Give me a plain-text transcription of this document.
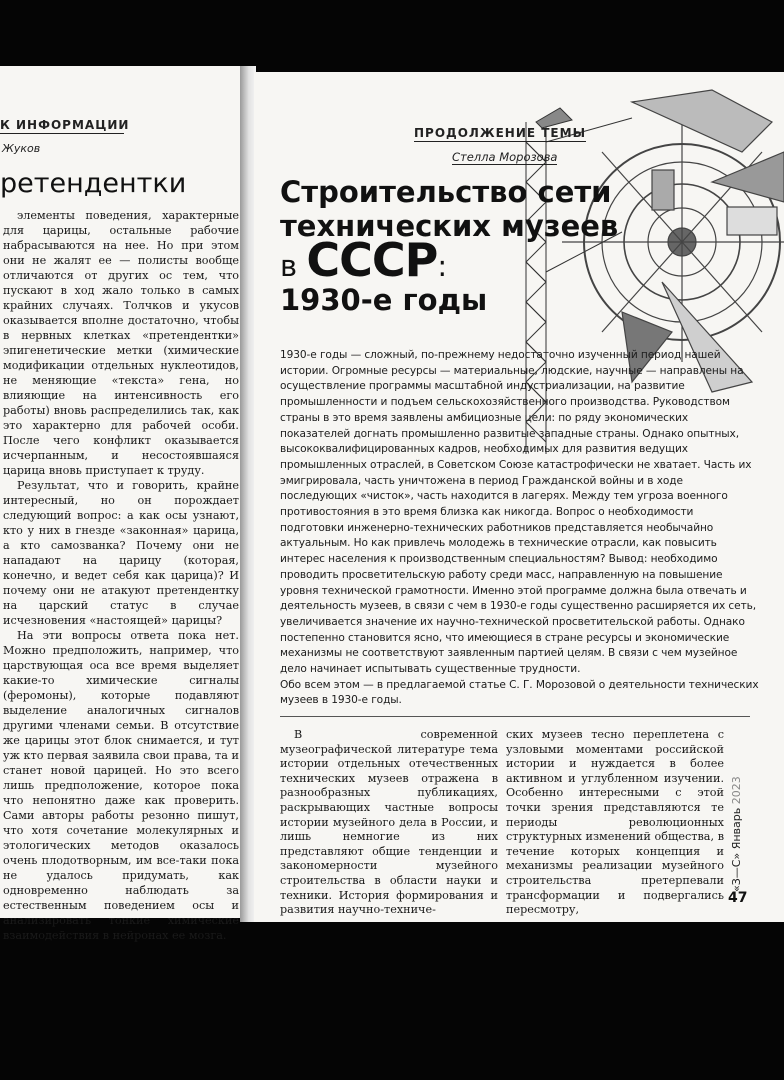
К ИНФОРМАЦИИ
Жуков
ретендентки

элементы поведения, характерные для царицы, остальные рабочие набрасываются на нее. Но при этом они не жалят ее — полисты вообще отличаются от других ос тем, что пускают в ход жало только в самых крайних случаях. Толчков и укусов оказывается вполне достаточно, чтобы в нервных клетках «претендентки» эпигенетические метки (химические модификации отдельных нуклеотидов, не меняющие «текста» гена, но влияющие на интенсивность его работы) вновь распределились так, как это характерно для рабочей особи. После чего конфликт оказывается исчерпанным, и несостоявшаяся царица вновь приступает к труду.

Результат, что и говорить, крайне интересный, но он порождает следующий вопрос: а как осы узнают, кто у них в гнезде «законная» царица, а кто самозванка? Почему они не нападают на царицу (которая, конечно, и ведет себя как царица)? И почему они не атакуют претендентку на царский статус в случае исчезновения «настоящей» царицы?

На эти вопросы ответа пока нет. Можно предположить, например, что царствующая оса все время выделяет какие-то химические сигналы (феромоны), которые подавляют выделение аналогичных сигналов другими членами семьи. В отсутствие же царицы этот блок снимается, и тут уж кто первая заявила свои права, та и станет новой царицей. Но это всего лишь предположение, которое пока что непонятно даже как проверить. Сами авторы работы резонно пишут, что хотя сочетание молекулярных и этологических методов оказалось очень плодотворным, им все-таки пока не удалось придумать, как одновременно наблюдать за естественным поведением осы и анализировать тонкие химические взаимодействия в нейронах ее мозга.

ПРОДОЛЖЕНИЕ ТЕМЫ
Стелла Морозова
Строительство сети
технических музеев
в СССР:
1930-е годы

1930-е годы — сложный, по-прежнему недостаточно изученный период нашей истории. Огромные ресурсы — материальные, людские, научные — направлены на осуществление программы масштабной индустриализации, на развитие промышленности и подъем сельскохозяйственного производства. Руководством страны в это время заявлены амбициозные цели: по ряду экономических показателей догнать промышленно развитые западные страны. Однако опытных, высококвалифицированных кадров, необходимых для развития ведущих промышленных отраслей, в Советском Союзе катастрофически не хватает. Часть их эмигрировала, часть уничтожена в период Гражданской войны и в ходе последующих «чисток», часть находится в лагерях. Между тем угроза военного противостояния в это время близка как никогда. Вопрос о необходимости подготовки инженерно-технических работников представляется необычайно актуальным. Но как привлечь молодежь в технические отрасли, как повысить интерес населения к производственным специальностям? Вывод: необходимо проводить просветительскую работу среди масс, направленную на повышение уровня технической грамотности. Именно этой программе должна была отвечать и деятельность музеев, в связи с чем в 1930-е годы существенно расширяется их сеть, увеличивается значение их научно-технической просветительской работы. Однако постепенно становится ясно, что имеющиеся в стране ресурсы и экономические механизмы не соответствуют заявленным партией целям. В связи с чем музейное дело начинает испытывать существенные трудности.

Обо всем этом — в предлагаемой статье С. Г. Морозовой о деятельности технических музеев в 1930-е годы.

В современной музеографической литературе тема истории отдельных отечественных технических музеев отражена в разнообразных публикациях, раскрывающих частные вопросы истории музейного дела в России, и лишь немногие из них представляют общие тенденции и закономерности музейного строительства в области науки и техники. История формирования и развития научно-техниче-

ских музеев тесно переплетена с узловыми моментами российской истории и нуждается в более активном и углубленном изучении. Особенно интересными с этой точки зрения представляются те периоды революционных структурных изменений общества, в течение которых концепция и механизмы реализации музейного строительства претерпевали трансформации и подвергались пересмотру,

«З—С» Январь 2023
47
